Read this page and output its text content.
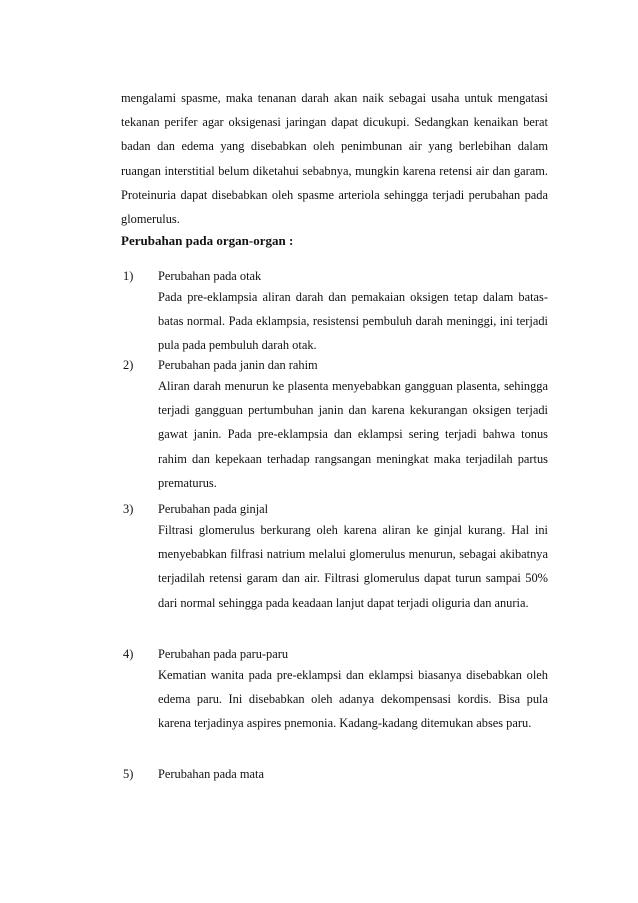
mengalami spasme, maka tenanan darah akan naik sebagai usaha untuk mengatasi tekanan perifer agar oksigenasi jaringan dapat dicukupi. Sedangkan kenaikan berat badan dan edema yang disebabkan oleh penimbunan air yang berlebihan dalam ruangan interstitial belum diketahui sebabnya, mungkin karena retensi air dan garam. Proteinuria dapat disebabkan oleh spasme arteriola sehingga terjadi perubahan pada glomerulus.

Perubahan pada organ-organ :
1)	Perubahan pada otak

Pada pre-eklampsia aliran darah dan pemakaian oksigen tetap dalam batas-batas normal. Pada eklampsia, resistensi pembuluh darah meninggi, ini terjadi pula pada pembuluh darah otak.

2)	Perubahan pada janin dan rahim

Aliran darah menurun ke plasenta menyebabkan gangguan plasenta, sehingga terjadi gangguan pertumbuhan janin dan karena kekurangan oksigen terjadi gawat janin. Pada pre-eklampsia dan eklampsi sering terjadi bahwa tonus rahim dan kepekaan terhadap rangsangan meningkat maka terjadilah partus prematurus.

3)	Perubahan pada ginjal

Filtrasi glomerulus berkurang oleh karena aliran ke ginjal kurang. Hal ini menyebabkan filfrasi natrium melalui glomerulus menurun, sebagai akibatnya terjadilah retensi garam dan air. Filtrasi glomerulus dapat turun sampai 50% dari normal sehingga pada keadaan lanjut dapat terjadi oliguria dan anuria.

4)	Perubahan pada paru-paru

Kematian wanita pada pre-eklampsi dan eklampsi biasanya disebabkan oleh edema paru. Ini disebabkan oleh adanya dekompensasi kordis. Bisa pula karena terjadinya aspires pnemonia. Kadang-kadang ditemukan abses paru.

5)	Perubahan pada mata
